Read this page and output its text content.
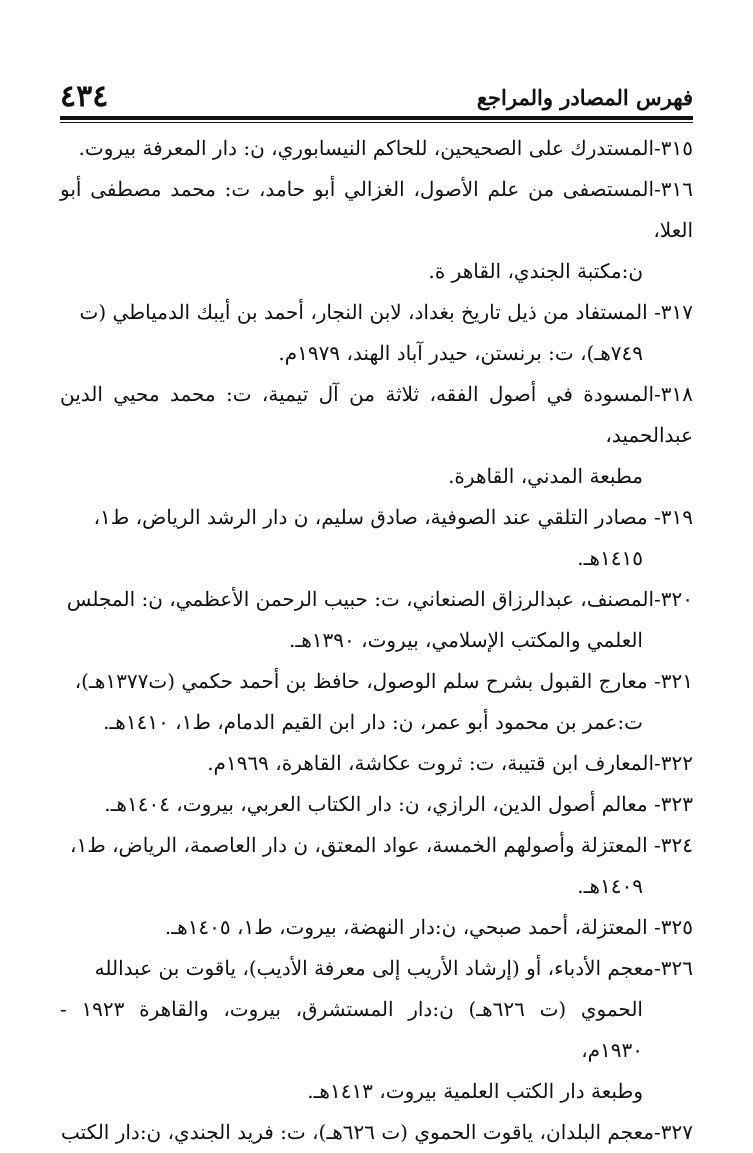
فهرس المصادر والمراجع
٤٣٤

٣١٥-المستدرك على الصحيحين، للحاكم النيسابوري، ن: دار المعرفة بيروت.

٣١٦-المستصفى من علم الأصول، الغزالي أبو حامد، ت: محمد مصطفى أبو العلا،
ن:مكتبة الجندي، القاهر ة.

٣١٧- المستفاد من ذيل تاريخ بغداد، لابن النجار، أحمد بن أيبك الدمياطي (ت
٧٤٩هـ)، ت: برنستن، حيدر آباد الهند، ١٩٧٩م.

٣١٨-المسودة في أصول الفقه، ثلاثة من آل تيمية، ت: محمد محيي الدين عبدالحميد،
مطبعة المدني، القاهرة.

٣١٩- مصادر التلقي عند الصوفية، صادق سليم، ن دار الرشد الرياض، ط١،
١٤١٥هـ.

٣٢٠-المصنف، عبدالرزاق الصنعاني، ت: حبيب الرحمن الأعظمي، ن: المجلس
العلمي والمكتب الإسلامي، بيروت، ١٣٩٠هـ.

٣٢١- معارج القبول بشرح سلم الوصول، حافظ بن أحمد حكمي (ت١٣٧٧هـ)،
ت:عمر بن محمود أبو عمر، ن: دار ابن القيم الدمام، ط١، ١٤١٠هـ.

٣٢٢-المعارف ابن قتيبة، ت: ثروت عكاشة، القاهرة، ١٩٦٩م.

٣٢٣- معالم أصول الدين، الرازي، ن: دار الكتاب العربي، بيروت، ١٤٠٤هـ.

٣٢٤- المعتزلة وأصولهم الخمسة، عواد المعتق، ن دار العاصمة، الرياض، ط١،
١٤٠٩هـ.

٣٢٥- المعتزلة، أحمد صبحي، ن:دار النهضة، بيروت، ط١، ١٤٠٥هـ.

٣٢٦-معجم الأدباء، أو (إرشاد الأريب إلى معرفة الأديب)، ياقوت بن عبدالله
الحموي (ت ٦٢٦هـ) ن:دار المستشرق، بيروت، والقاهرة ١٩٢٣ - ١٩٣٠م،
وطبعة دار الكتب العلمية بيروت، ١٤١٣هـ.

٣٢٧-معجم البلدان، ياقوت الحموي (ت ٦٢٦هـ)، ت: فريد الجندي، ن:دار الكتب
